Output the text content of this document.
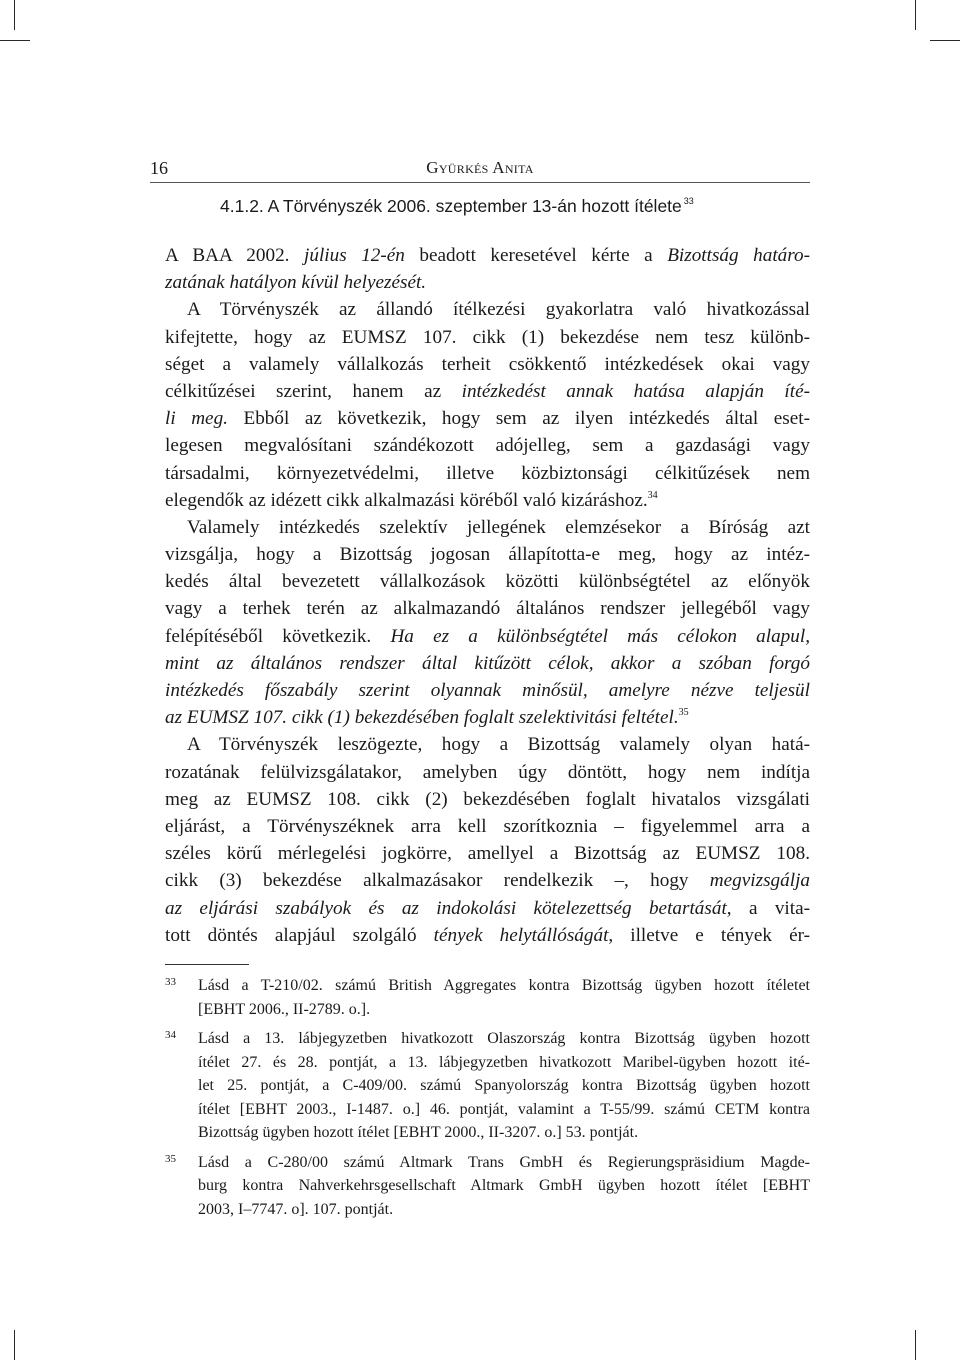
16	Gyürkés Anita
4.1.2. A Törvényszék 2006. szeptember 13-án hozott ítélete $^{33}$
A BAA 2002. július 12-én beadott keresetével kérte a Bizottság határo-
zatának hatályon kívül helyezését.
A Törvényszék az állandó ítélkezési gyakorlatra való hivatkozással
kifejtette, hogy az EUMSZ 107. cikk (1) bekezdése nem tesz különb-
séget a valamely vállalkozás terheit csökkentő intézkedések okai vagy
célkitűzései szerint, hanem az intézkedést annak hatása alapján íté-
li meg. Ebből az következik, hogy sem az ilyen intézkedés által eset-
legesen megvalósítani szándékozott adójelleg, sem a gazdasági vagy
társadalmi, környezetvédelmi, illetve közbiztonsági célkitűzések nem
elegendők az idézett cikk alkalmazási köréből való kizáráshoz.$^{34}$
Valamely intézkedés szelektív jellegének elemzésekor a Bíróság azt
vizsgálja, hogy a Bizottság jogosan állapította-e meg, hogy az intéz-
kedés által bevezetett vállalkozások közötti különbségtétel az előnyök
vagy a terhek terén az alkalmazandó általános rendszer jellegéből vagy
felépítéséből következik. Ha ez a különbségtétel más célokon alapul,
mint az általános rendszer által kitűzött célok, akkor a szóban forgó
intézkedés főszabály szerint olyannak minősül, amelyre nézve teljesül
az EUMSZ 107. cikk (1) bekezdésében foglalt szelektivitási feltétel.$^{35}$
A Törvényszék leszögezte, hogy a Bizottság valamely olyan hatá-
rozatának felülvizsgálatakor, amelyben úgy döntött, hogy nem indítja
meg az EUMSZ 108. cikk (2) bekezdésében foglalt hivatalos vizsgálati
eljárást, a Törvényszéknek arra kell szorítkoznia – figyelemmel arra a
széles körű mérlegelési jogkörre, amellyel a Bizottság az EUMSZ 108.
cikk (3) bekezdése alkalmazásakor rendelkezik –, hogy megvizsgálja
az eljárási szabályok és az indokolási kötelezettség betartását, a vita-
tott döntés alapjául szolgáló tények helytállóságát, illetve e tények ér-
33 Lásd a T-210/02. számú British Aggregates kontra Bizottság ügyben hozott ítéletet
[EBHT 2006., II-2789. o.].
34 Lásd a 13. lábjegyzetben hivatkozott Olaszország kontra Bizottság ügyben hozott
ítélet 27. és 28. pontját, a 13. lábjegyzetben hivatkozott Maribel-ügyben hozott ité-
let 25. pontját, a C-409/00. számú Spanyolország kontra Bizottság ügyben hozott
ítélet [EBHT 2003., I-1487. o.] 46. pontját, valamint a T-55/99. számú CETM kontra
Bizottság ügyben hozott ítélet [EBHT 2000., II-3207. o.] 53. pontját.
35 Lásd a C-280/00 számú Altmark Trans GmbH és Regierungspräsidium Magde-
burg kontra Nahverkehrsgesellschaft Altmark GmbH ügyben hozott ítélet [EBHT
2003, I–7747. o]. 107. pontját.
